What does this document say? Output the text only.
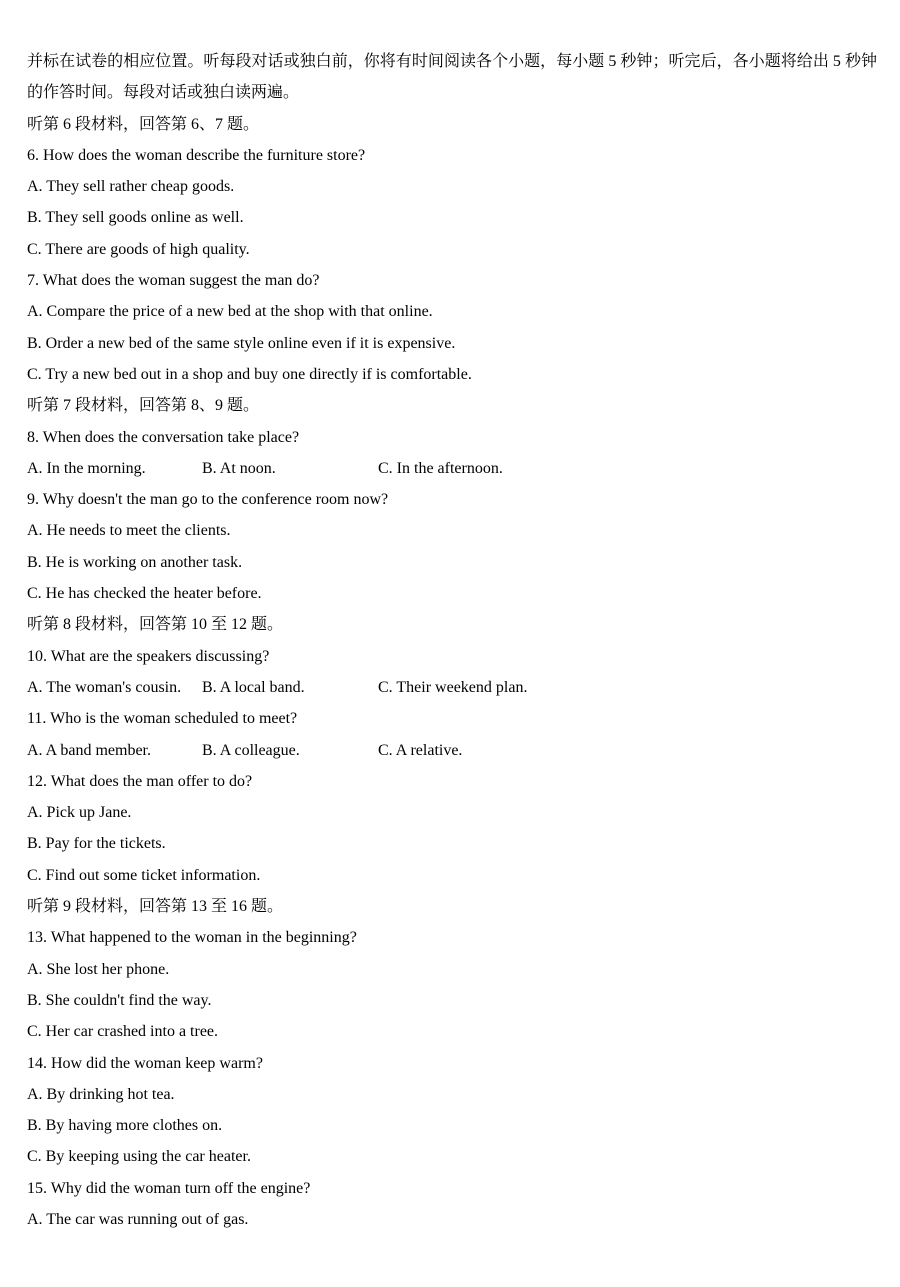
并标在试卷的相应位置。听每段对话或独白前，你将有时间阅读各个小题，每小题 5 秒钟；听完后，各小题将给出 5 秒钟的作答时间。每段对话或独白读两遍。
听第 6 段材料，回答第 6、7 题。
6. How does the woman describe the furniture store?
A. They sell rather cheap goods.
B. They sell goods online as well.
C. There are goods of high quality.
7. What does the woman suggest the man do?
A. Compare the price of a new bed at the shop with that online.
B. Order a new bed of the same style online even if it is expensive.
C. Try a new bed out in a shop and buy one directly if is comfortable.
听第 7 段材料，回答第 8、9 题。
8. When does the conversation take place?
A. In the morning.	B. At noon.	C. In the afternoon.
9. Why doesn't the man go to the conference room now?
A. He needs to meet the clients.
B. He is working on another task.
C. He has checked the heater before.
听第 8 段材料，回答第 10 至 12 题。
10. What are the speakers discussing?
A. The woman's cousin. B. A local band.	C. Their weekend plan.
11. Who is the woman scheduled to meet?
A. A band member.	B. A colleague.	C. A relative.
12. What does the man offer to do?
A. Pick up Jane.
B. Pay for the tickets.
C. Find out some ticket information.
听第 9 段材料，回答第 13 至 16 题。
13. What happened to the woman in the beginning?
A. She lost her phone.
B. She couldn't find the way.
C. Her car crashed into a tree.
14. How did the woman keep warm?
A. By drinking hot tea.
B. By having more clothes on.
C. By keeping using the car heater.
15. Why did the woman turn off the engine?
A. The car was running out of gas.
